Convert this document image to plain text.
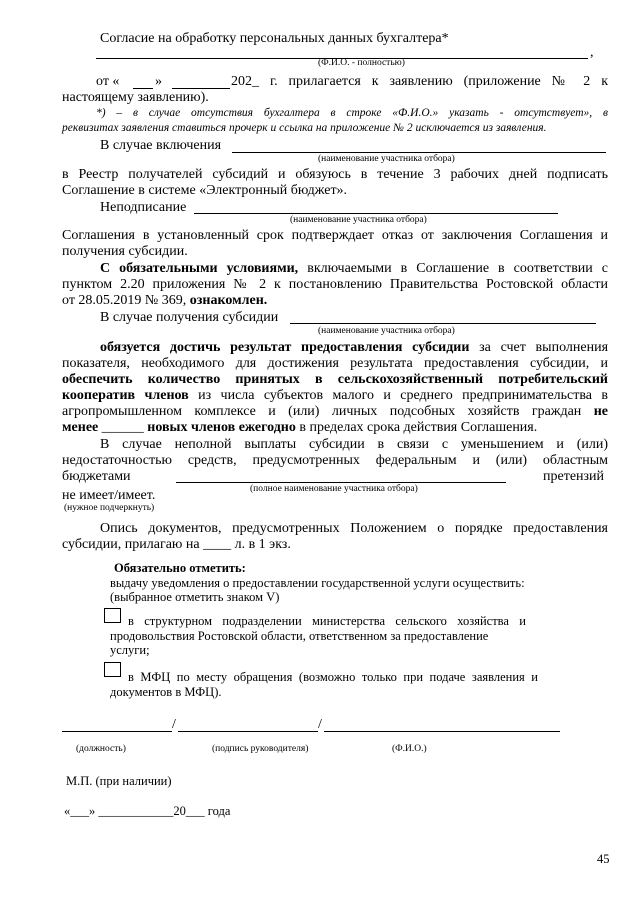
Согласие на обработку персональных данных бухгалтера*
,
(Ф.И.О. - полностью)
от «	»	202_ г. прилагается к заявлению (приложение № 2 к
настоящему заявлению).
*) – в случае отсутствия бухгалтера в строке «Ф.И.О.» указать - отсутствует», в
реквизитах заявления ставиться прочерк и ссылка на приложение № 2 исключается из заявления.
В случае включения
(наименование участника отбора)
в Реестр получателей субсидий и обязуюсь в течение 3 рабочих дней подписать
Соглашение в системе «Электронный бюджет».
Неподписание
(наименование участника отбора)
Соглашения в установленный срок подтверждает отказ от заключения Соглашения и
получения субсидии.
С обязательными условиями, включаемыми в Соглашение в соответствии с
пунктом 2.20 приложения № 2 к постановлению Правительства Ростовской области
от 28.05.2019 № 369, ознакомлен.
В случае получения субсидии
(наименование участника отбора)
обязуется достичь результат предоставления субсидии за счет выполнения
показателя, необходимого для достижения результата предоставления субсидии, и
обеспечить количество принятых в сельскохозяйственный потребительский
кооператив членов из числа субъектов малого и среднего предпринимательства в
агропромышленном комплексе и (или) личных подсобных хозяйств граждан не
менее ______ новых членов ежегодно в пределах срока действия Соглашения.
В случае неполной выплаты субсидии в связи с уменьшением и (или)
недостаточностью средств, предусмотренных федеральным и (или) областным
бюджетами	претензий
(полное наименование участника отбора)
не имеет/имеет.
(нужное подчеркнуть)
Опись документов, предусмотренных Положением о порядке предоставления
субсидии, прилагаю на ____ л. в 1 экз.
Обязательно отметить:
выдачу уведомления о предоставлении государственной услуги осуществить:
(выбранное отметить знаком V)
в структурном подразделении министерства сельского хозяйства и
продовольствия Ростовской области, ответственном за предоставление
услуги;
в МФЦ по месту обращения (возможно только при подаче заявления и
документов в МФЦ).
/	/
(должность)	(подпись руководителя)	(Ф.И.О.)
М.П. (при наличии)
«___» ____________20___ года
45
